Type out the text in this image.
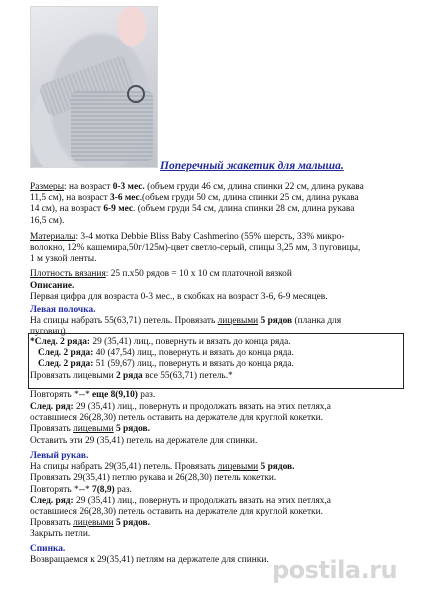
Поперечный жакетик для малыша.
Размеры: на возраст 0-3 мес. (объем груди 46 см, длина спинки 22 см, длина рукава
11,5 см), на возраст 3-6 мес.(объем груди 50 см, длина спинки 25 см, длина рукава
14 см), на возраст 6-9 мес. (объем груди 54 см, длина спинки 28 см, длина рукава
16,5 см).
Материалы: 3-4 мотка Debbie Bliss Baby Cashmerino (55% шерсть, 33% микро-
волокно, 12% кашемира,50г/125м)-цвет светло-серый, спицы 3,25 мм, 3 пуговицы,
1 м узкой ленты.
Плотность вязания: 25 п.х50 рядов = 10 х 10 см платочной вязкой
Описание.
Первая цифра для возраста 0-3 мес., в скобках на возраст 3-6, 6-9 месяцев.
Левая полочка.
На спицы набрать 55(63,71) петель. Провязать лицевыми 5 рядов (планка для
пуговиц).
*След. 2 ряда: 29 (35,41) лиц., повернуть и вязать до конца ряда.
След. 2 ряда: 40 (47,54) лиц., повернуть и вязать до конца ряда.
След. 2 ряда: 51 (59,67) лиц., повернуть и вязать до конца ряда.
Провязать лицевыми 2 ряда все 55(63,71) петель.*
Повторять *--* еще 8(9,10) раз.
След. ряд: 29 (35,41) лиц., повернуть и продолжать вязать на этих петлях,а
оставшиеся 26(28,30) петель оставить на держателе для круглой кокетки.
Провязать лицевыми 5 рядов.
Оставить эти 29 (35,41) петель на держателе для спинки.
Левый рукав.
На спицы набрать 29(35,41) петель. Провязать лицевыми 5 рядов.
Провязать 29(35,41) петлю рукава и 26(28,30) петель кокетки.
Повторять *--* 7(8,9) раз.
След. ряд: 29 (35,41) лиц., повернуть и продолжать вязать на этих петлях,а
оставшиеся 26(28,30) петель оставить на держателе для круглой кокетки.
Провязать лицевыми 5 рядов.
Закрыть петли.
Спинка.
Возвращаемся к 29(35,41) петлям на держателе для спинки. postila.ru
